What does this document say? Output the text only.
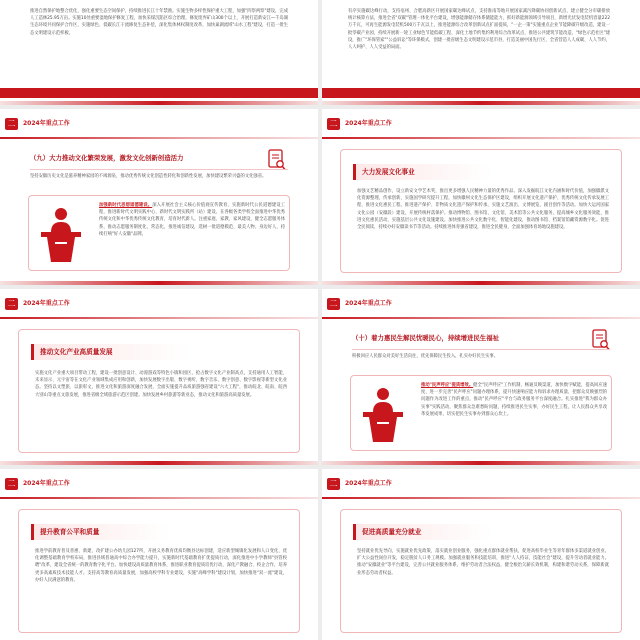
推进自然保护地整合优化，强化重要生态空间保护，持续推进长江十年禁渔。实施生物多样性保护重大工程，加强"四察两察"建设，完成人工造林25.95万亩。实施10处重要湿地保护修复工程，加快采煤沉陷区综合治理，修复废弃矿山300个以上，开展打造新安江—千岛湖生态环境共同保护合作区，实施绿色、低碳长江干流修复生态补偿，深化集体林权制度改革，加快巢湖流域"山水工程"建设，打造一批生态文明建设示范样板。
有序实施碳达峰行动，支持亳州、合肥高新区开展国家碳达峰试点，支持淮南等地开展国家减污降碳协同创新试点，建立健全分市碳排放统计核算方法，推进全省"双碳"管理一体化平台建设，增强能源储存体系储能能力，抓好新能源领域引导项目，新增光伏发电装机容量222万千瓦，可再生能源发电装机500万千瓦以上，推进能源综合改革创新试点扩面提质，"一企一策"实施重点企业节能降碳升级改造，建设一批零碳产业园，持续开展新一轮工业绿色节能低碳工程，深化土地节约集约利用综合改革试点，推进公共建筑节能改造，"绿色示范社区"建设，推广"环保管家""公益诉讼"等环保模式，创建一批省级生态文明建设示范市县，打造美丽中国先行区，全省营造人人成碳、人人节约、人人呵护、人人受益的局面。
二	2024年重点工作
（九）大力推动文化繁荣发展，激发文化创新创造活力
坚持安徽历史文化是滋养精神家园的不竭源泉，推动优秀传统文化创造性转化和创新性发展，加快建设繁荣兴盛的文化强省。
加强新时代思想道德建设。深入开展社会主义核心价值观宣传教育，实施新时代公民道德建设工程，推进新时代文明实践中心、新时代文明实践所（站）建设，在各级各类学校全面推进中华优秀传统文化和中华优秀传统文化教育，培育时代新人。注重家庭、家教、家风建设，健全志愿服务体系，推动志愿服务制度化、常态化，推进诚信建设，选树一批道德模范、最美人物、身边好人，持续打响"好人安徽"品牌。
二	2024年重点工作
大力发展文化事业
加强文艺精品创作，设立新安文学艺术奖，推出更多增强人民精神力量的优秀作品。深入发掘皖江文化内涵和时代价值，加强徽派文化资源整理，传承创新，实施国学研究提升工程，加快徽州文化生态保护区建设，组织开展文化遗产保护、优秀传统文化传承发展工程，推进文化惠民工程。推进遗产保护、非物质文化遗产保护和传承，实施文艺演出、文博展览、剧目创作等活动。加快大运河国家文化公园（安徽段）建设，开展传统村落保护。推动博物馆、图书馆、文化馆、美术馆等公共文化服务，提高城乡文化服务效能，推进文化惠民活动，实施基层公共文化设施建设。加快推进公共文化数字化、智能化建设，推动图书馆、档案馆馆藏资源数字化。促进全民阅读，持续办好安徽读书节等活动。持续推进体育强省建设，推进全民健身，全面加强体育场地设施建设。
二	2024年重点工作
推动文化产业高质量发展
实施文化产业重大项目带动工程，建设一批创意设计、动漫游戏等特色小镇和园区，抢占数字文化产业制高点，支持通用人工智能、未来显示、元宇宙等在文化产业领域集成应用和创新，加快发展数字出版、数字视听、数字音乐、数字创意、数字影视等新型文化业态。坚持以文塑旅、以旅彰文，推进文化和旅游深度融合发展，全面实施提升品质旅游强省建设"六大工程"，推动皖北、皖南、皖西大别山等重点文旅发展，推进省级全域旅游示范区创建。加快发展乡村旅游等新业态，推动文化和旅游高质量发展。
二	2024年重点工作
（十）着力惠民生解民忧暖民心，持续增进民生福祉
积极回应人民群众对美好生活向往，优先保障民生投入，扎实办好民生实事。
推动"民声呼应"提质增效。健全"民声呼应"工作机制，畅通反映渠道，加快数字赋能，提高回应速度，进一步完善"民声呼应"问题办理体系，提升快速响应能力和诉求办理质量，把群众反映强烈的问题作为改进工作的重点，推动"民声呼应"平台与政务服务平台深度融合。扎实推进"我为群众办实事"实践活动，聚焦群众急难愁盼问题，持续推进民生实事，办好民生工程，让人民群众共享改革发展成果，切实把民生实事办到群众心坎上。
二	2024年重点工作
提升教育公平和质量
推进学前教育普及普惠、新建、改扩建公办幼儿园127所，开展义务教育优质均衡县达标创建，适应新型城镇化发展和人口变化，优化调整基础教育学校布局，推进县域普通高中综合办学能力提升，实施新时代基础教育扩优提质行动，深化推进中小学教师"县管校聘"改革，建设全省统一的教育数字化平台。加快建设高质量教育体系，推进职业教育提质培优行动，深化产教融合、校企合作，培养更多高素质技术技能人才。支持高等教育高质量发展，加强高校学科专业建设，实施"高峰学科"建设计划，加快推进"双一流"建设，办好人民满意的教育。
二	2024年重点工作
促进高质量充分就业
坚持就业优先导向，实施就业优先政策，落实就业创业服务，强化重点群体就业帮扶，促进高校毕业生等青年群体多渠道就业创业。扩大公益性岗位开发，稳定脱贫人口务工规模。加强就业服务和技能培训，推进"人人持证、技能社会"建设，提升劳动者就业能力。推动"安徽就业"等平台建设，完善公共就业服务体系，维护劳动者合法权益，健全根治欠薪长效机制，构建和谐劳动关系，保障新就业形态劳动者权益。
